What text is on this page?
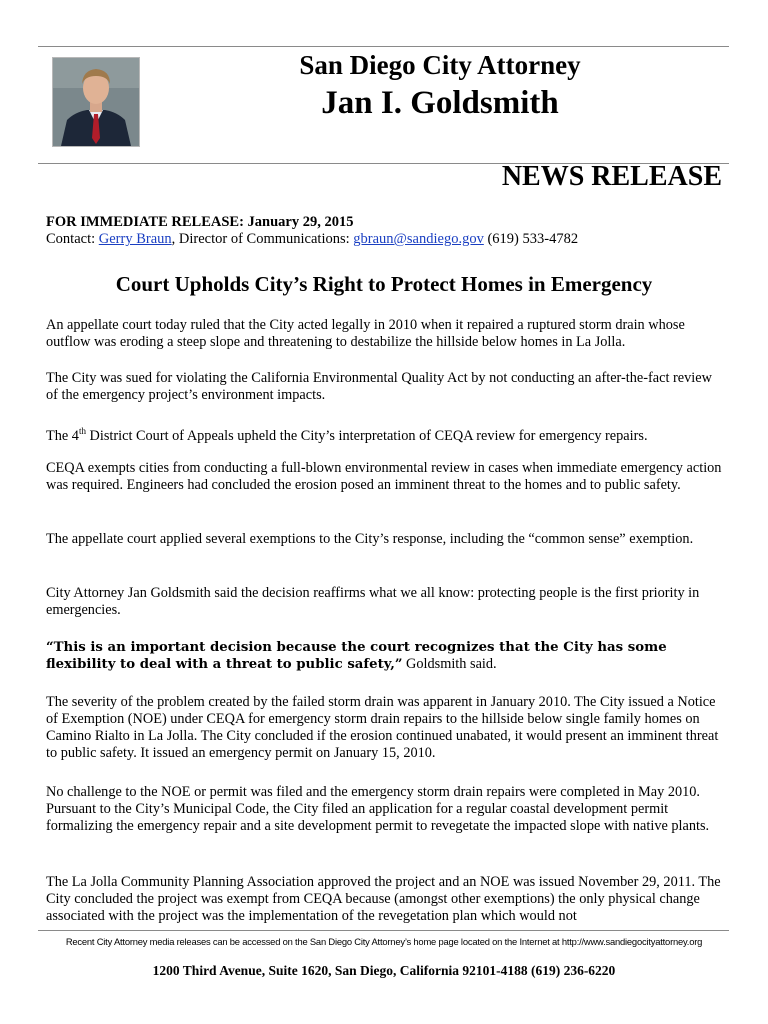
San Diego City Attorney
Jan I. Goldsmith
NEWS RELEASE
FOR IMMEDIATE RELEASE: January 29, 2015
Contact: Gerry Braun, Director of Communications: gbraun@sandiego.gov (619) 533-4782
Court Upholds City’s Right to Protect Homes in Emergency
An appellate court today ruled that the City acted legally in 2010 when it repaired a ruptured storm drain whose outflow was eroding a steep slope and threatening to destabilize the hillside below homes in La Jolla.
The City was sued for violating the California Environmental Quality Act by not conducting an after-the-fact review of the emergency project’s environment impacts.
The 4th District Court of Appeals upheld the City’s interpretation of CEQA review for emergency repairs.
CEQA exempts cities from conducting a full-blown environmental review in cases when immediate emergency action was required. Engineers had concluded the erosion posed an imminent threat to the homes and to public safety.
The appellate court applied several exemptions to the City’s response, including the “common sense” exemption.
City Attorney Jan Goldsmith said the decision reaffirms what we all know: protecting people is the first priority in emergencies.
“This is an important decision because the court recognizes that the City has some flexibility to deal with a threat to public safety,” Goldsmith said.
The severity of the problem created by the failed storm drain was apparent in January 2010. The City issued a Notice of Exemption (NOE) under CEQA for emergency storm drain repairs to the hillside below single family homes on Camino Rialto in La Jolla. The City concluded if the erosion continued unabated, it would present an imminent threat to public safety. It issued an emergency permit on January 15, 2010.
No challenge to the NOE or permit was filed and the emergency storm drain repairs were completed in May 2010. Pursuant to the City’s Municipal Code, the City filed an application for a regular coastal development permit formalizing the emergency repair and a site development permit to revegetate the impacted slope with native plants.
The La Jolla Community Planning Association approved the project and an NOE was issued November 29, 2011. The City concluded the project was exempt from CEQA because (amongst other exemptions) the only physical change associated with the project was the implementation of the revegetation plan which would not
Recent City Attorney media releases can be accessed on the San Diego City Attorney’s home page located on the Internet at http://www.sandiegocityattorney.org
1200 Third Avenue, Suite 1620, San Diego, California 92101-4188 (619) 236-6220
